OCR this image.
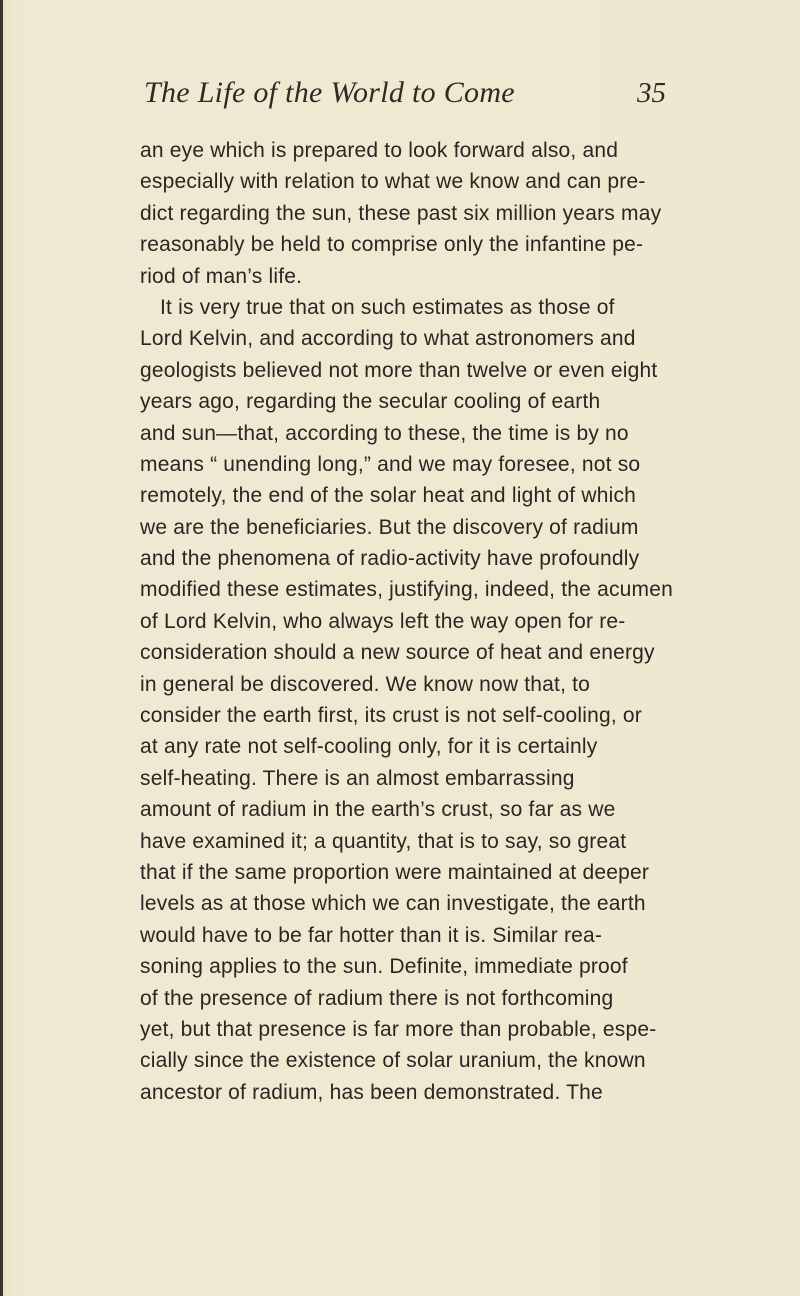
The Life of the World to Come	35
an eye which is prepared to look forward also, and
especially with relation to what we know and can pre-
dict regarding the sun, these past six million years may
reasonably be held to comprise only the infantine pe-
riod of man’s life.
It is very true that on such estimates as those of
Lord Kelvin, and according to what astronomers and
geologists believed not more than twelve or even eight
years ago, regarding the secular cooling of earth
and sun—that, according to these, the time is by no
means “ unending long,” and we may foresee, not so
remotely, the end of the solar heat and light of which
we are the beneficiaries. But the discovery of radium
and the phenomena of radio-activity have profoundly
modified these estimates, justifying, indeed, the acumen
of Lord Kelvin, who always left the way open for re-
consideration should a new source of heat and energy
in general be discovered. We know now that, to
consider the earth first, its crust is not self-cooling, or
at any rate not self-cooling only, for it is certainly
self-heating. There is an almost embarrassing
amount of radium in the earth’s crust, so far as we
have examined it; a quantity, that is to say, so great
that if the same proportion were maintained at deeper
levels as at those which we can investigate, the earth
would have to be far hotter than it is. Similar rea-
soning applies to the sun. Definite, immediate proof
of the presence of radium there is not forthcoming
yet, but that presence is far more than probable, espe-
cially since the existence of solar uranium, the known
ancestor of radium, has been demonstrated. The
